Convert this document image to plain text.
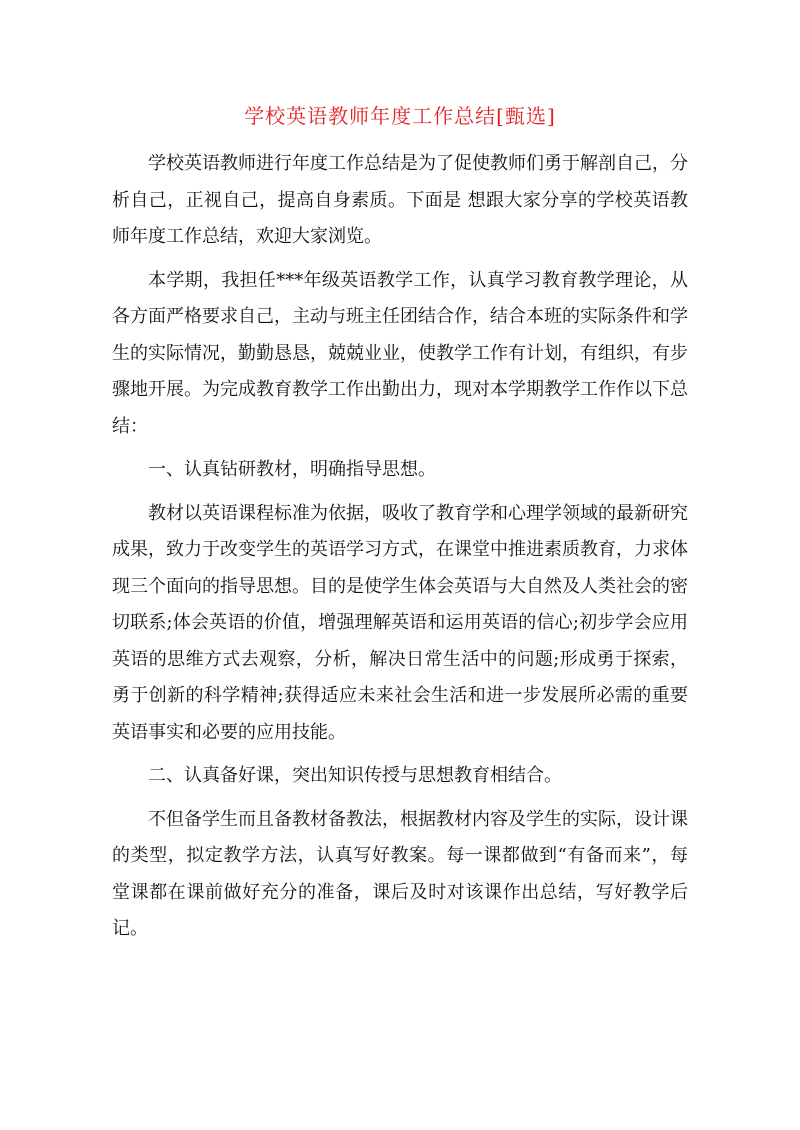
学校英语教师年度工作总结[甄选]

学校英语教师进行年度工作总结是为了促使教师们勇于解剖自己，分析自己，正视自己，提高自身素质。下面是 想跟大家分享的学校英语教师年度工作总结，欢迎大家浏览。

本学期，我担任***年级英语教学工作，认真学习教育教学理论，从各方面严格要求自己，主动与班主任团结合作，结合本班的实际条件和学生的实际情况，勤勤恳恳，兢兢业业，使教学工作有计划，有组织，有步骤地开展。为完成教育教学工作出勤出力，现对本学期教学工作作以下总结：

一、认真钻研教材，明确指导思想。

教材以英语课程标准为依据，吸收了教育学和心理学领域的最新研究成果，致力于改变学生的英语学习方式，在课堂中推进素质教育，力求体现三个面向的指导思想。目的是使学生体会英语与大自然及人类社会的密切联系;体会英语的价值，增强理解英语和运用英语的信心;初步学会应用英语的思维方式去观察，分析，解决日常生活中的问题;形成勇于探索，勇于创新的科学精神;获得适应未来社会生活和进一步发展所必需的重要英语事实和必要的应用技能。

二、认真备好课，突出知识传授与思想教育相结合。

不但备学生而且备教材备教法，根据教材内容及学生的实际，设计课的类型，拟定教学方法，认真写好教案。每一课都做到“有备而来”，每堂课都在课前做好充分的准备，课后及时对该课作出总结，写好教学后记。
